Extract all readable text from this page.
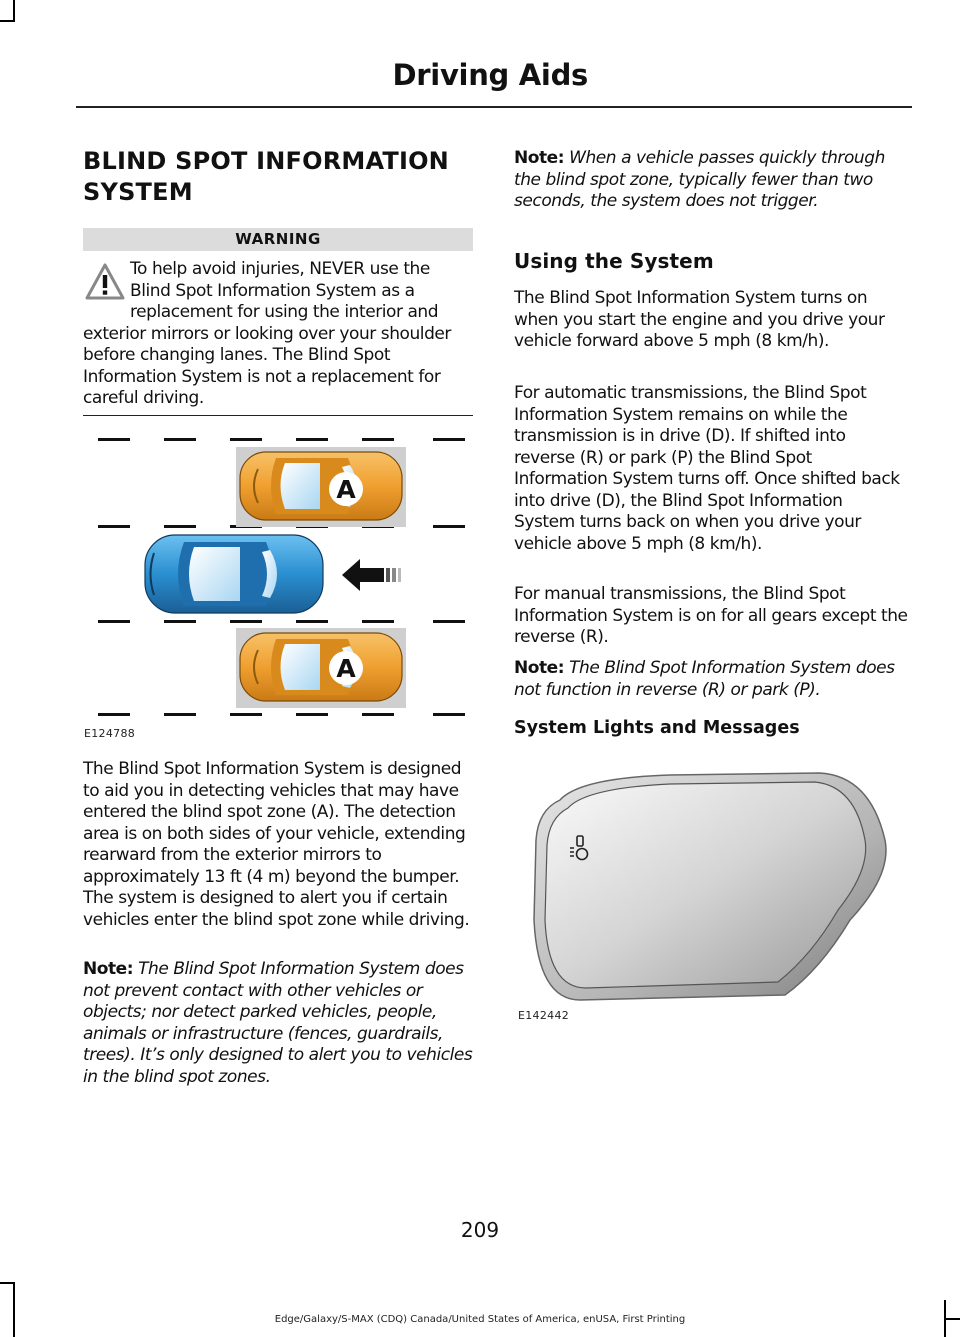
Driving Aids
BLIND SPOT INFORMATION
SYSTEM
WARNING
To help avoid injuries, NEVER use the Blind Spot Information System as a replacement for using the interior and exterior mirrors or looking over your shoulder before changing lanes. The Blind Spot Information System is not a replacement for careful driving.
A
A
E124788
The Blind Spot Information System is designed to aid you in detecting vehicles that may have entered the blind spot zone (A). The detection area is on both sides of your vehicle, extending rearward from the exterior mirrors to approximately 13 ft (4 m) beyond the bumper. The system is designed to alert you if certain vehicles enter the blind spot zone while driving.
Note: The Blind Spot Information System does not prevent contact with other vehicles or objects; nor detect parked vehicles, people, animals or infrastructure (fences, guardrails, trees). It’s only designed to alert you to vehicles in the blind spot zones.
Note: When a vehicle passes quickly through the blind spot zone, typically fewer than two seconds, the system does not trigger.
Using the System
The Blind Spot Information System turns on when you start the engine and you drive your vehicle forward above 5 mph (8 km/h).
For automatic transmissions, the Blind Spot Information System remains on while the transmission is in drive (D). If shifted into reverse (R) or park (P) the Blind Spot Information System turns off. Once shifted back into drive (D), the Blind Spot Information System turns back on when you drive your vehicle above 5 mph (8 km/h).
For manual transmissions, the Blind Spot Information System is on for all gears except the reverse (R).
Note: The Blind Spot Information System does not function in reverse (R) or park (P).
System Lights and Messages
E142442
209
Edge/Galaxy/S-MAX (CDQ) Canada/United States of America, enUSA, First Printing
